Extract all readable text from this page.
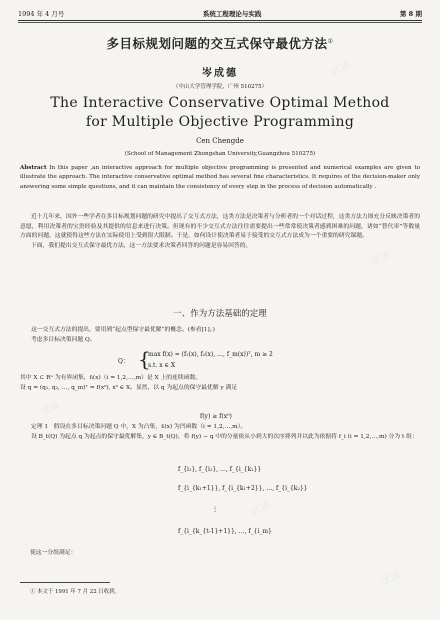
1994 年 4 月号	系统工程理论与实践	第 8 期
多目标规划问题的交互式保守最优方法①
岑成德
（中山大学管理学院，广州 510275）
The Interactive Conservative Optimal Method
for Multiple Objective Programming
Cen Chengde
(School of Management Zhongshan University,Guangzhou 510275)
Abstract In this paper ,an interactive approach for multiple objective programming is presented and numerical examples are given to illustrate the approach. The interactive conservative optimal method has several fine characteristics. It requires of the decision-maker only answering some simple questions, and it can maintain the consistency of every step in the process of decision automatically .

近十几年来，国外一些学者在多目标规划问题的研究中提出了交互式方法，这类方法是决策者与分析者的一个对话过程，这类方法力图充分反映决策者的意愿，利用决策者的宝贵经验及其提供的信息来进行决策。但现有的不少交互式方法往往需要提出一些常常使决策者感到困难的问题，诸如“替代率”等数量方面的问题，这就使得这些方法在实际使用上受到很大限制。于是，如何设计使决策者易于接受的交互式方法成为一个重要的研究课题。

下面，我们提出交互式保守最优方法，这一方法要求决策者回答的问题是容易回答的。

一、作为方法基础的定理

这一交互式方法的提出，要用到“起点型保守最优解”的概念。(参看[1]。)

考虑多目标决策问题 Q。

Q： {
max f(x) = (f₁(x), f₂(x), …, f_m(x))ᵀ, m ≥ 2
s.t. x ∈ X

其中 X ⊂ Rⁿ 为有界闭集，fᵢ(x)（i = 1,2,…,m）是 X 上的连续函数。

设 q = (q₁, q₂, …, q_m)ᵀ = f(x⁰), x⁰ ∈ X。显然，以 q 为起点的保守最优解 y 满足

f(y) ≥ f(x⁰)

定理 1　假设在多目标决策问题 Q 中，X 为凸集，fᵢ(x) 为凹函数（i = 1,2,…,m）。

设 B_t(Q) 为起点 q 为起点的保守最优解集，y ∈ B_t(Q)，将 f(y) − q 中的分量依从小到大的次序排列并以此为依据将 f_i (i = 1,2,…,m) 分为 t 组：

f_{i₁}, f_{i₂}, …, f_{i_{k₁}}
f_{i_{k₁+1}}, f_{i_{k₁+2}}, …, f_{i_{k₂}}
⋮
f_{i_{k_{t-1}+1}}, …, f_{i_m}
使这一分组满足：
① 本文于 1991 年 7 月 22 日收到。
试读
试读
试读
试读
试读
